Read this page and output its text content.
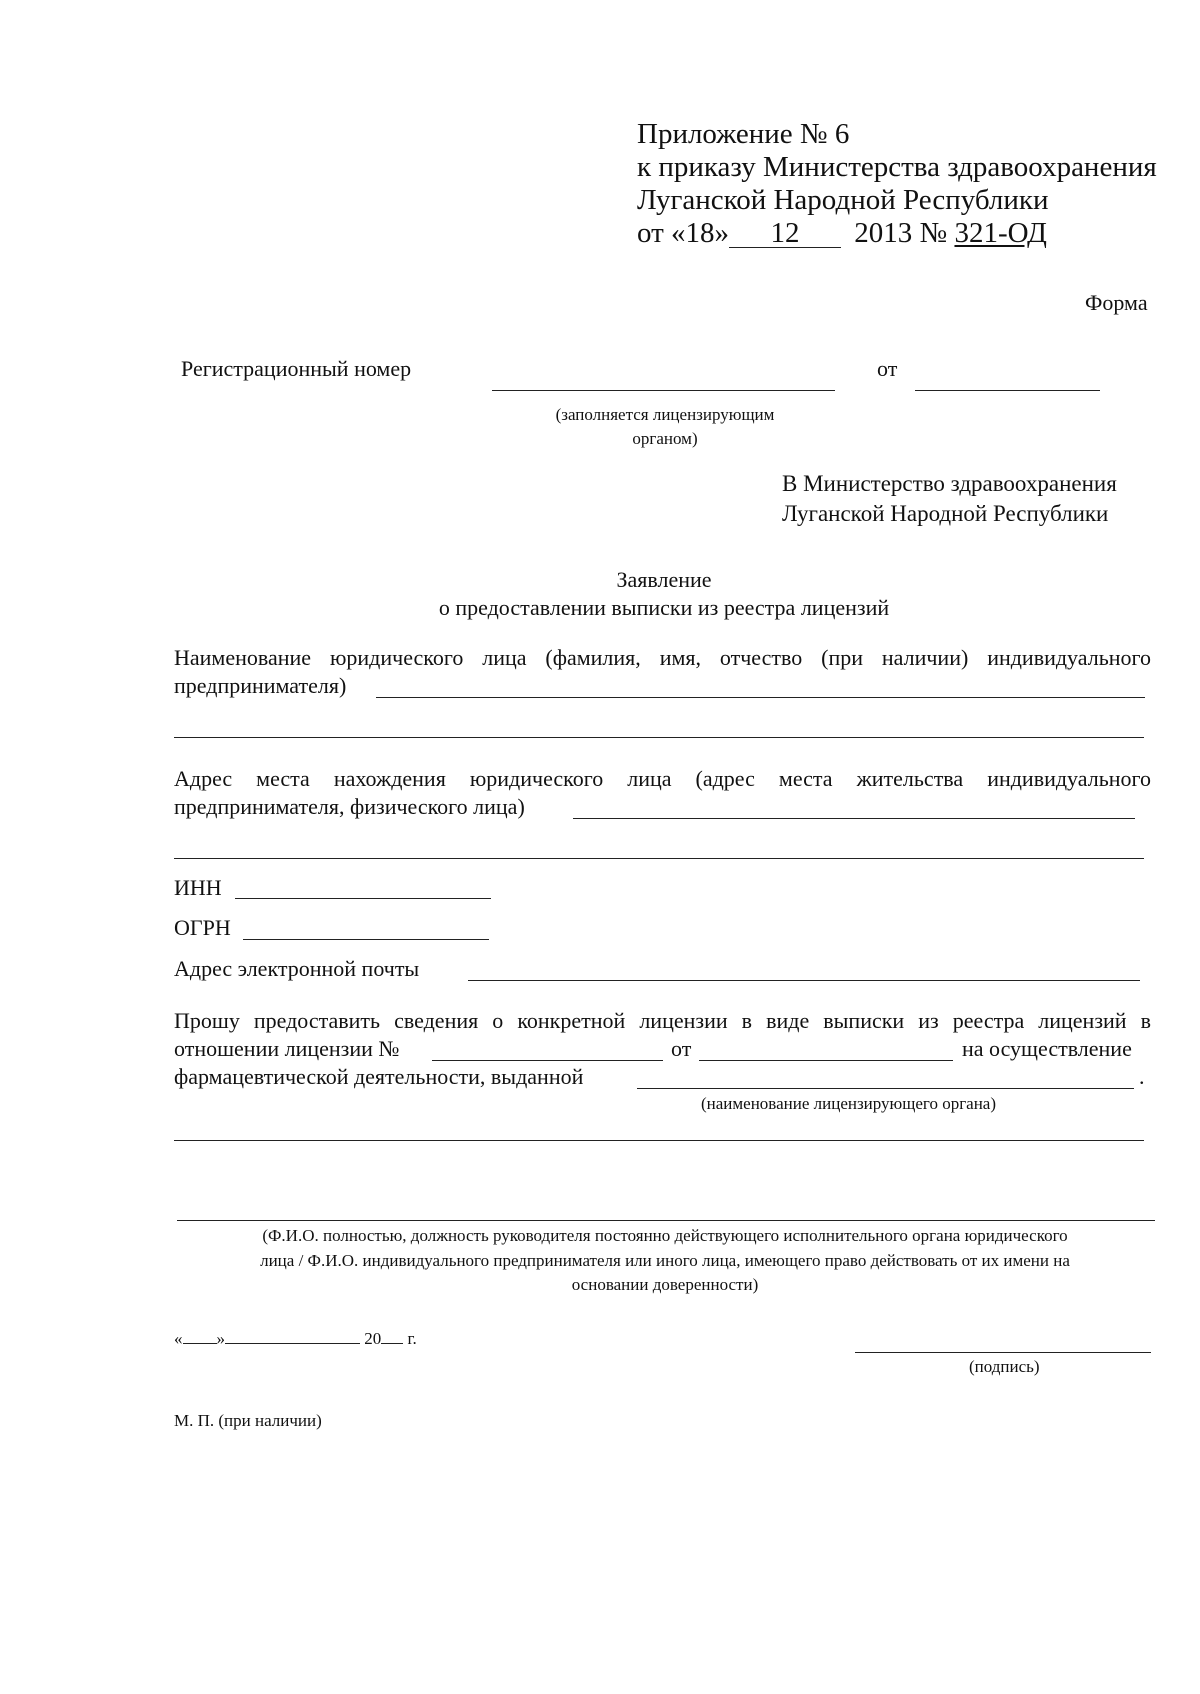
Приложение № 6
к приказу Министерства здравоохранения
Луганской Народной Республики
от «18» 12 2013 № 321-ОД
Форма
Регистрационный номер	от
(заполняется лицензирующим
органом)
В Министерство здравоохранения
Луганской Народной Республики
Заявление
о предоставлении выписки из реестра лицензий
Наименование юридического лица (фамилия, имя, отчество (при наличии) индивидуального
предпринимателя)
Адрес места нахождения юридического лица (адрес места жительства индивидуального
предпринимателя, физического лица)
ИНН
ОГРН
Адрес электронной почты
Прошу предоставить сведения о конкретной лицензии в виде выписки из реестра лицензий в
отношении лицензии №	от	на осуществление
фармацевтической деятельности, выданной	.
(наименование лицензирующего органа)
(Ф.И.О. полностью, должность руководителя постоянно действующего исполнительного органа юридического
лица / Ф.И.О. индивидуального предпринимателя или иного лица, имеющего право действовать от их имени на
основании доверенности)
« »	20 г.
(подпись)
М. П. (при наличии)
